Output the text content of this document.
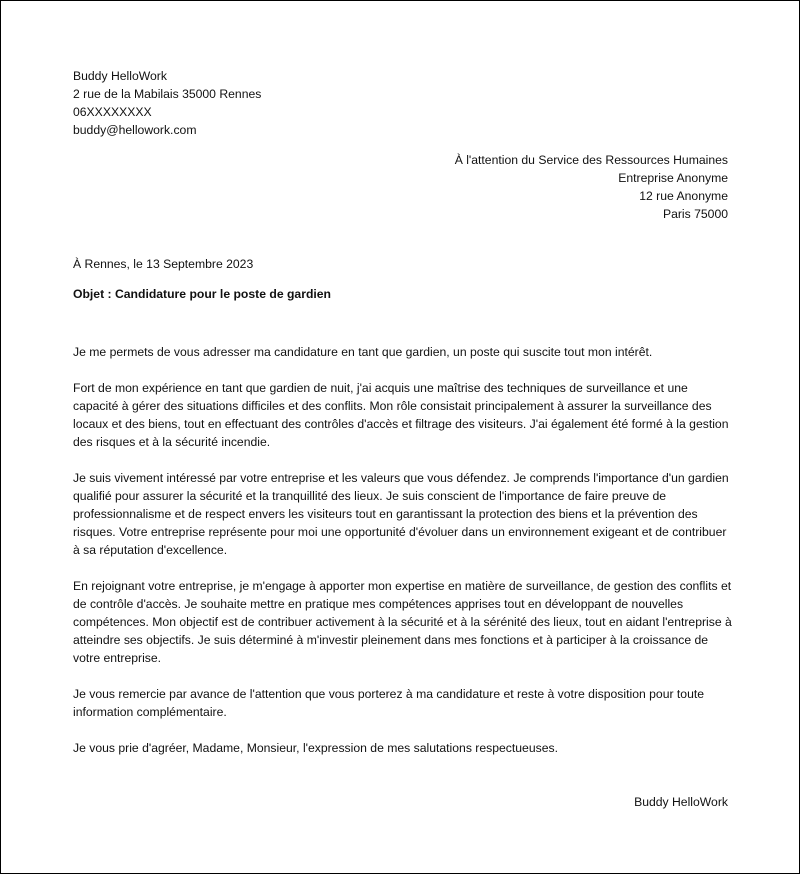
Buddy HelloWork
2 rue de la Mabilais 35000 Rennes
06XXXXXXXX
buddy@hellowork.com
À l'attention du Service des Ressources Humaines
Entreprise Anonyme
12 rue Anonyme
Paris 75000
À Rennes, le 13 Septembre 2023
Objet : Candidature pour le poste de gardien

Je me permets de vous adresser ma candidature en tant que gardien, un poste qui suscite tout mon intérêt.

Fort de mon expérience en tant que gardien de nuit, j'ai acquis une maîtrise des techniques de surveillance et une capacité à gérer des situations difficiles et des conflits. Mon rôle consistait principalement à assurer la surveillance des locaux et des biens, tout en effectuant des contrôles d'accès et filtrage des visiteurs. J'ai également été formé à la gestion des risques et à la sécurité incendie.

Je suis vivement intéressé par votre entreprise et les valeurs que vous défendez. Je comprends l'importance d'un gardien qualifié pour assurer la sécurité et la tranquillité des lieux. Je suis conscient de l'importance de faire preuve de professionnalisme et de respect envers les visiteurs tout en garantissant la protection des biens et la prévention des risques. Votre entreprise représente pour moi une opportunité d'évoluer dans un environnement exigeant et de contribuer à sa réputation d'excellence.

En rejoignant votre entreprise, je m'engage à apporter mon expertise en matière de surveillance, de gestion des conflits et de contrôle d'accès. Je souhaite mettre en pratique mes compétences apprises tout en développant de nouvelles compétences. Mon objectif est de contribuer activement à la sécurité et à la sérénité des lieux, tout en aidant l'entreprise à atteindre ses objectifs. Je suis déterminé à m'investir pleinement dans mes fonctions et à participer à la croissance de votre entreprise.

Je vous remercie par avance de l'attention que vous porterez à ma candidature et reste à votre disposition pour toute information complémentaire.

Je vous prie d'agréer, Madame, Monsieur, l'expression de mes salutations respectueuses.

Buddy HelloWork
